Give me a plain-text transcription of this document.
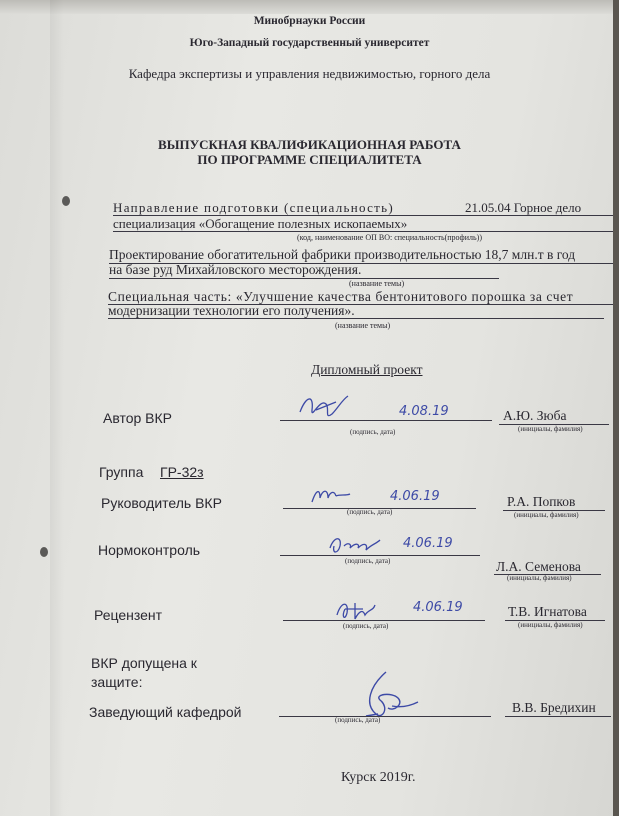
Минобрнауки России
Юго-Западный государственный университет
Кафедра экспертизы и управления недвижимостью, горного дела
ВЫПУСКНАЯ КВАЛИФИКАЦИОННАЯ РАБОТА
ПО ПРОГРАММЕ СПЕЦИАЛИТЕТА
Направление подготовки (специальность)	21.05.04 Горное дело
специализация «Обогащение полезных ископаемых»
(код, наименование ОП ВО: специальность(профиль))
Проектирование обогатительной фабрики производительностью 18,7 млн.т в год
на базе руд Михайловского месторождения.
(название темы)
Специальная часть: «Улучшение качества бентонитового порошка за счет
модернизации технологии его получения».
(название темы)
Дипломный проект
Автор ВКР	4.08.19
(подпись, дата)
А.Ю. Зюба
(инициалы, фамилия)
Группа ГР-32з
Руководитель ВКР	4.06.19
(подпись, дата)
Р.А. Попков
(инициалы, фамилия)
Нормоконтроль	4.06.19
(подпись, дата)	Л.А. Семенова
(инициалы, фамилия)
Рецензент	4.06.19
(подпись, дата)
Т.В. Игнатова
(инициалы, фамилия)
ВКР допущена к
защите:
Заведующий кафедрой	(подпись, дата)
В.В. Бредихин
Курск 2019г.
